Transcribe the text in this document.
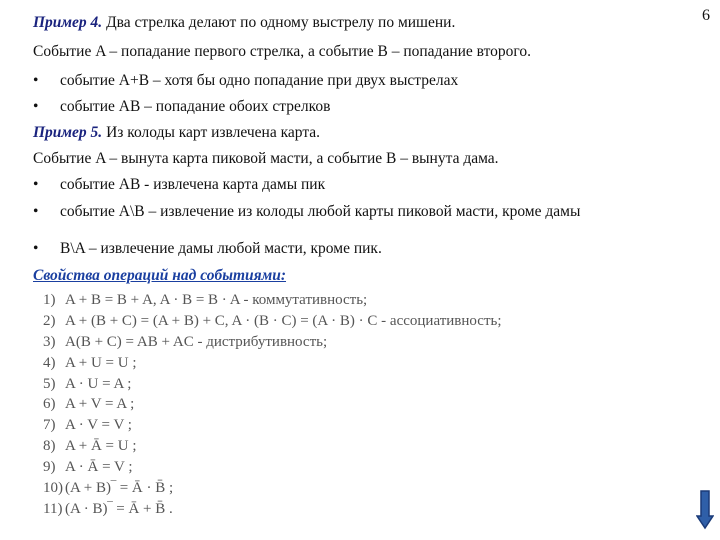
6
Пример 4. Два стрелка делают по одному выстрелу по мишени.
Событие A – попадание первого стрелка, а событие B – попадание второго.
• событие A+B – хотя бы одно попадание при двух выстрелах
• событие AB – попадание обоих стрелков
Пример 5. Из колоды карт извлечена карта.
Событие A – вынута карта пиковой масти, а событие B – вынута дама.
• событие AB - извлечена карта дамы пик
• событие A\B – извлечение из колоды любой карты пиковой масти, кроме дамы
• B\A – извлечение дамы любой масти, кроме пик.
Свойства операций над событиями:
1) A + B = B + A, A · B = B · A - коммутативность;
2) A + (B + C) = (A + B) + C, A · (B · C) = (A · B) · C - ассоциативность;
3) A(B + C) = AB + AC - дистрибутивность;
4) A + U = U ;
5) A · U = A ;
6) A + V = A ;
7) A · V = V ;
8) A + Ā = U ;
9) A · Ā = V ;
10) (A + B)‾ = Ā · B̄ ;
11) (A · B)‾ = Ā + B̄ .
